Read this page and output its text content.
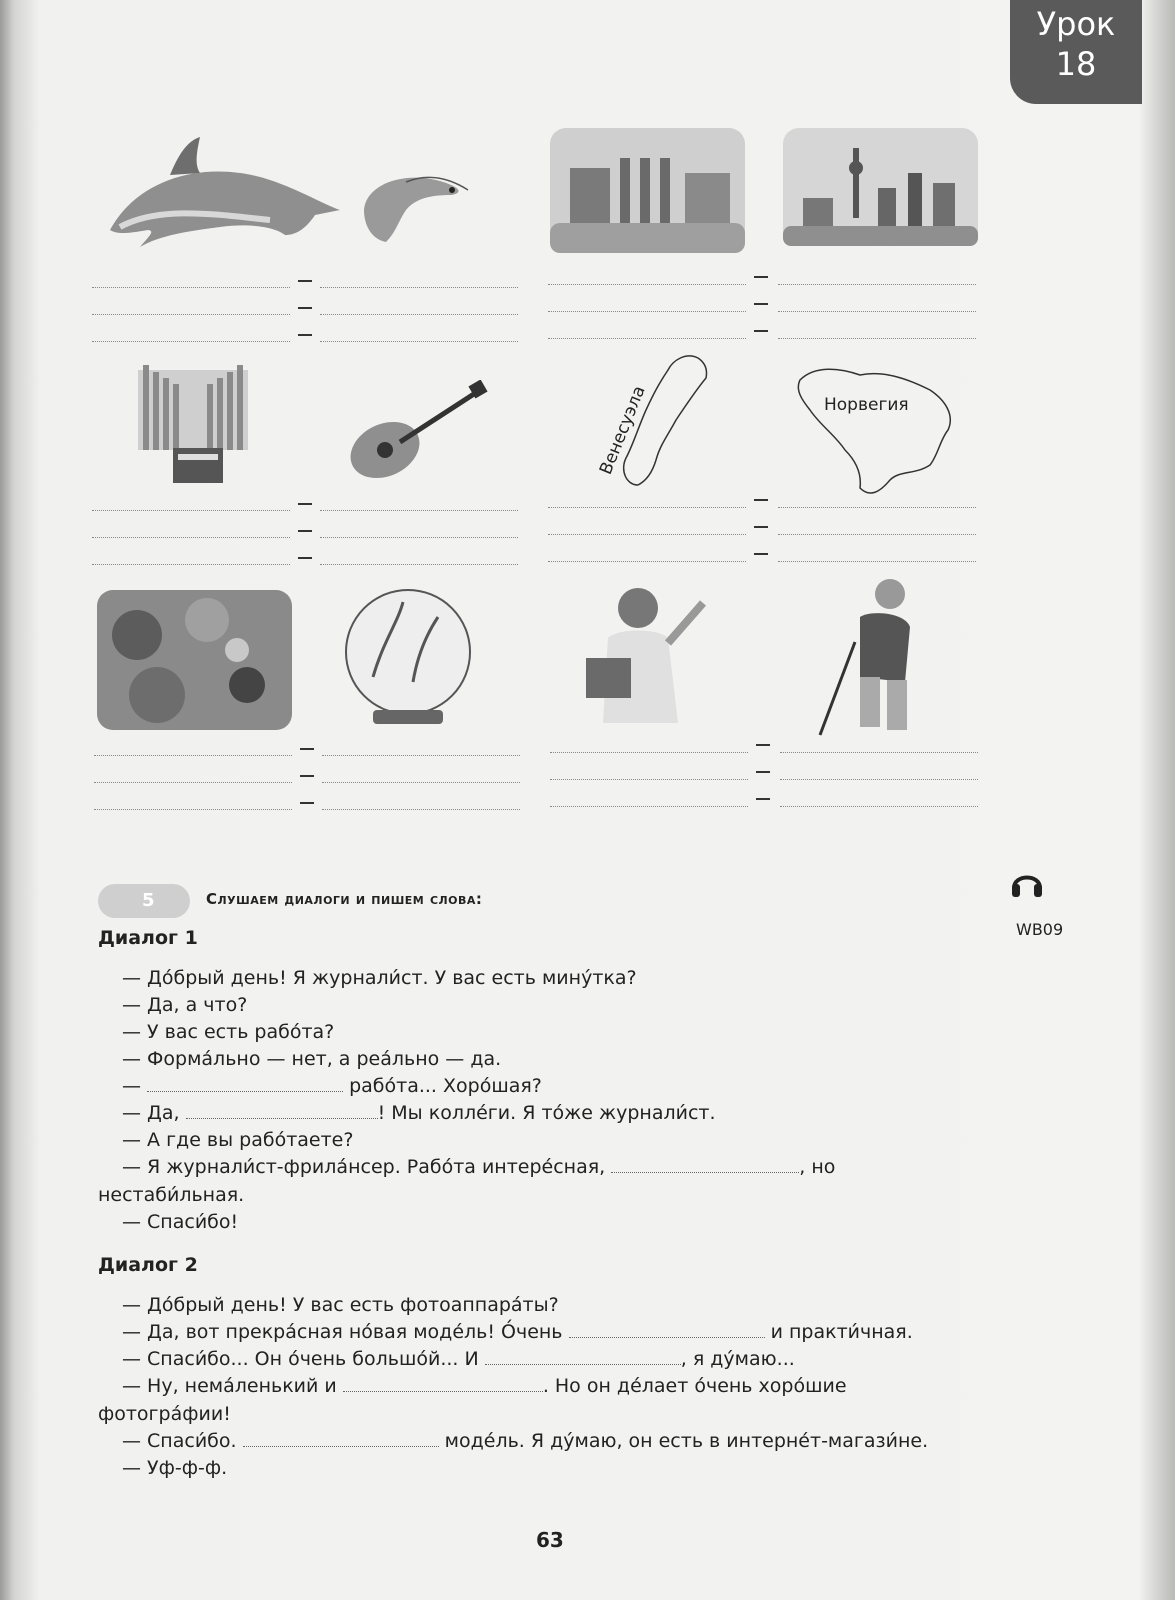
Урок
18
Венесуэла	Норвегия
5	Слушаем диалоги и пишем слова:
WB09
Диалог 1
— До́брый день! Я журнали́ст. У вас есть мину́тка?
— Да, а что?
— У вас есть рабо́та?
— Форма́льно — нет, а реа́льно — да.
—	рабо́та... Хоро́шая?
— Да,	! Мы колле́ги. Я то́же журнали́ст.
— А где вы рабо́таете?
— Я журнали́ст-фрила́нсер. Рабо́та интере́сная,	, но
нестаби́льная.
— Спаси́бо!
Диалог 2
— До́брый день! У вас есть фотоаппара́ты?
— Да, вот прекра́сная но́вая моде́ль! О́чень	и практи́чная.
— Спаси́бо... Он о́чень большо́й... И	, я ду́маю...
— Ну, нема́ленький и	. Но он де́лает о́чень хоро́шие
фотогра́фии!
— Спаси́бо.	моде́ль. Я ду́маю, он есть в интерне́т-магази́не.
— Уф-ф-ф.
63
